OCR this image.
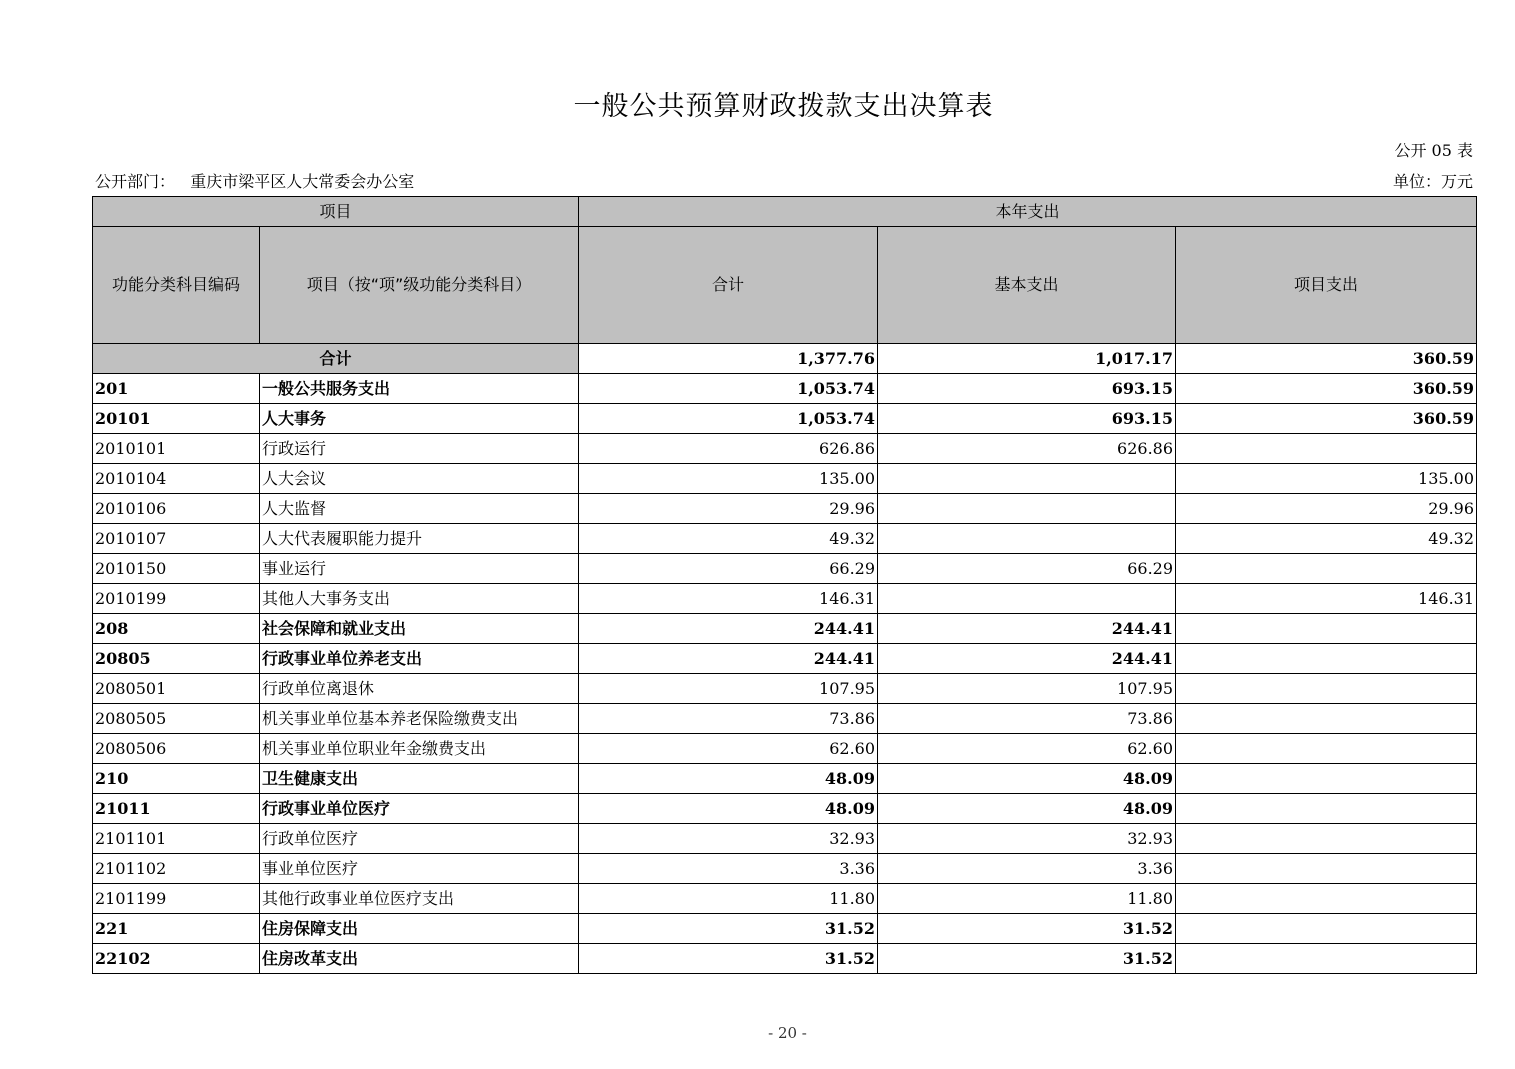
一般公共预算财政拨款支出决算表
公开 05 表
公开部门： 重庆市梁平区人大常委会办公室	单位：万元
项目		本年支出		
功能分类科目编码	项目（按“项”级功能分类科目）	合计	基本支出	项目支出
合计		1,377.76	1,017.17	360.59
201	一般公共服务支出	1,053.74	693.15	360.59
20101	人大事务	1,053.74	693.15	360.59
2010101	行政运行	626.86	626.86	
2010104	人大会议	135.00		135.00
2010106	人大监督	29.96		29.96
2010107	人大代表履职能力提升	49.32		49.32
2010150	事业运行	66.29	66.29	
2010199	其他人大事务支出	146.31		146.31
208	社会保障和就业支出	244.41	244.41	
20805	行政事业单位养老支出	244.41	244.41	
2080501	行政单位离退休	107.95	107.95	
2080505	机关事业单位基本养老保险缴费支出	73.86	73.86	
2080506	机关事业单位职业年金缴费支出	62.60	62.60	
210	卫生健康支出	48.09	48.09	
21011	行政事业单位医疗	48.09	48.09	
2101101	行政单位医疗	32.93	32.93	
2101102	事业单位医疗	3.36	3.36	
2101199	其他行政事业单位医疗支出	11.80	11.80	
221	住房保障支出	31.52	31.52	
22102	住房改革支出	31.52	31.52	
- 20 -
